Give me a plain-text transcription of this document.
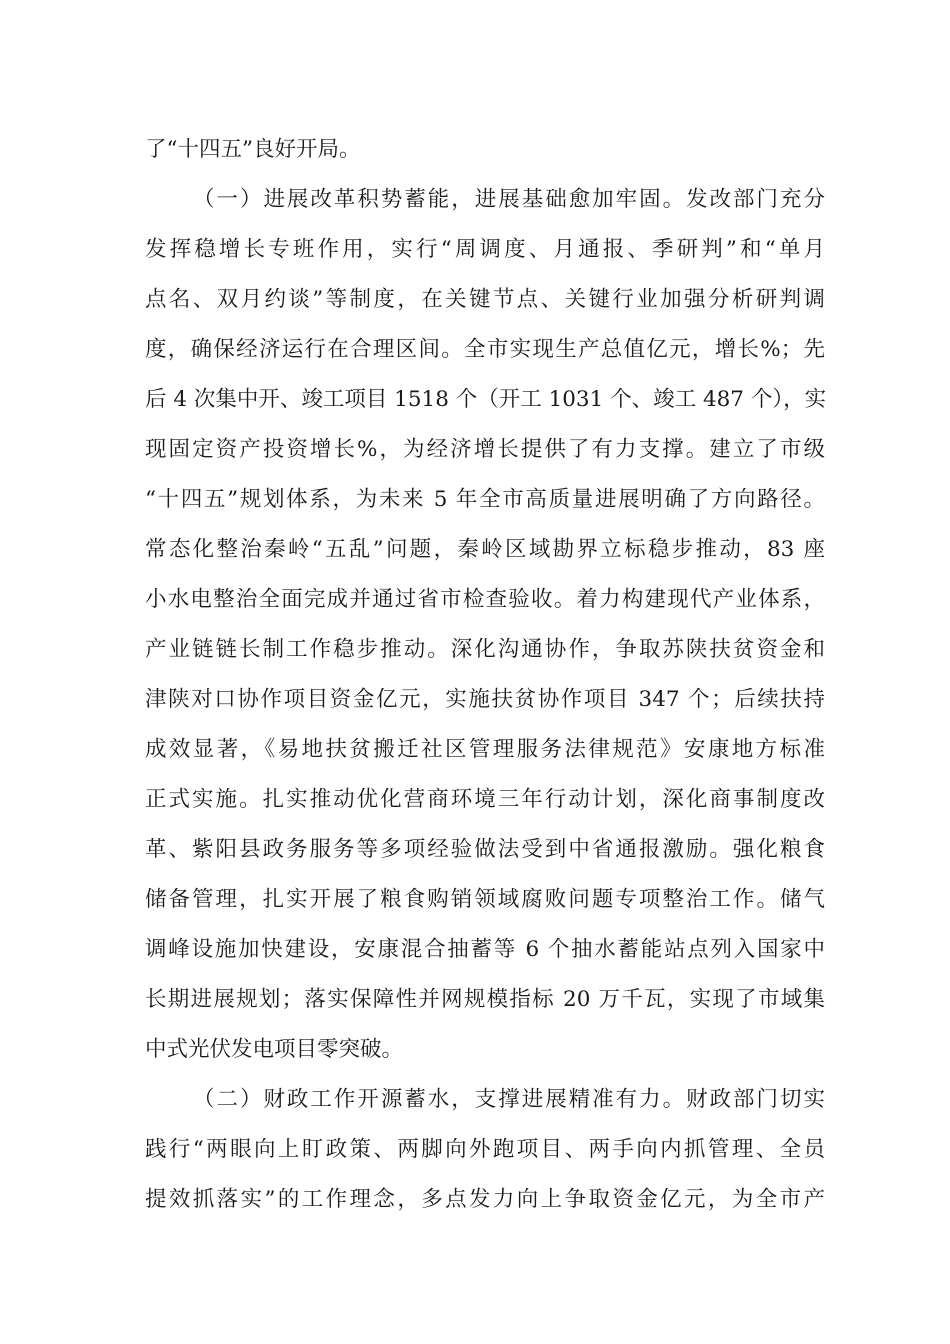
了“十四五”良好开局。
（一）进展改革积势蓄能，进展基础愈加牢固。发改部门充分
发挥稳增长专班作用，实行“周调度、月通报、季研判”和“单月
点名、双月约谈”等制度，在关键节点、关键行业加强分析研判调
度，确保经济运行在合理区间。全市实现生产总值亿元，增长%；先
后 4 次集中开、竣工项目 1518 个（开工 1031 个、竣工 487 个），实
现固定资产投资增长%，为经济增长提供了有力支撑。建立了市级
“十四五”规划体系，为未来 5 年全市高质量进展明确了方向路径。
常态化整治秦岭“五乱”问题，秦岭区域勘界立标稳步推动，83 座
小水电整治全面完成并通过省市检查验收。着力构建现代产业体系，
产业链链长制工作稳步推动。深化沟通协作，争取苏陕扶贫资金和
津陕对口协作项目资金亿元，实施扶贫协作项目 347 个；后续扶持
成效显著，《易地扶贫搬迁社区管理服务法律规范》安康地方标准
正式实施。扎实推动优化营商环境三年行动计划，深化商事制度改
革、紫阳县政务服务等多项经验做法受到中省通报激励。强化粮食
储备管理，扎实开展了粮食购销领域腐败问题专项整治工作。储气
调峰设施加快建设，安康混合抽蓄等 6 个抽水蓄能站点列入国家中
长期进展规划；落实保障性并网规模指标 20 万千瓦，实现了市域集
中式光伏发电项目零突破。
（二）财政工作开源蓄水，支撑进展精准有力。财政部门切实
践行“两眼向上盯政策、两脚向外跑项目、两手向内抓管理、全员
提效抓落实”的工作理念，多点发力向上争取资金亿元，为全市产
